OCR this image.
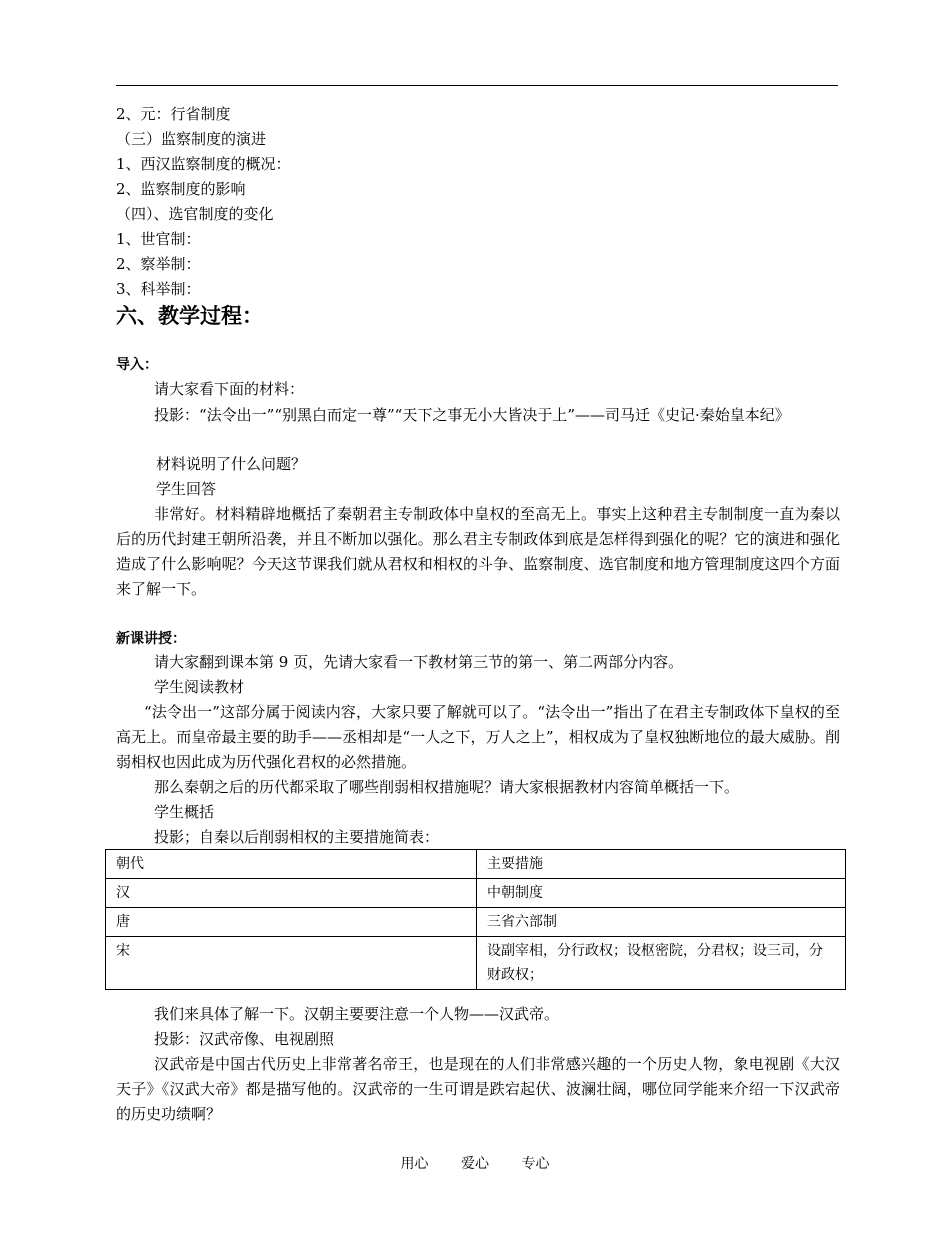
2、元：行省制度
（三）监察制度的演进
1、西汉监察制度的概况：
2、监察制度的影响
（四）、选官制度的变化
1、世官制：
2、察举制：
3、科举制：
六、教学过程：
导入：
请大家看下面的材料：
投影：“法令出一”“别黑白而定一尊”“天下之事无小大皆决于上”——司马迁《史记·秦始皇本纪》
材料说明了什么问题？
学生回答
非常好。材料精辟地概括了秦朝君主专制政体中皇权的至高无上。事实上这种君主专制制度一直为秦以后的历代封建王朝所沿袭，并且不断加以强化。那么君主专制政体到底是怎样得到强化的呢？它的演进和强化造成了什么影响呢？今天这节课我们就从君权和相权的斗争、监察制度、选官制度和地方管理制度这四个方面来了解一下。
新课讲授：
请大家翻到课本第 9 页，先请大家看一下教材第三节的第一、第二两部分内容。
学生阅读教材
“法令出一”这部分属于阅读内容，大家只要了解就可以了。“法令出一”指出了在君主专制政体下皇权的至高无上。而皇帝最主要的助手——丞相却是“一人之下，万人之上”，相权成为了皇权独断地位的最大威胁。削弱相权也因此成为历代强化君权的必然措施。
那么秦朝之后的历代都采取了哪些削弱相权措施呢？请大家根据教材内容简单概括一下。
学生概括
投影；自秦以后削弱相权的主要措施简表：
朝代	主要措施
汉	中朝制度
唐	三省六部制
宋	设副宰相，分行政权；设枢密院，分君权；设三司，分财政权；
我们来具体了解一下。汉朝主要要注意一个人物——汉武帝。
投影：汉武帝像、电视剧照
汉武帝是中国古代历史上非常著名帝王，也是现在的人们非常感兴趣的一个历史人物，象电视剧《大汉天子》《汉武大帝》都是描写他的。汉武帝的一生可谓是跌宕起伏、波澜壮阔，哪位同学能来介绍一下汉武帝的历史功绩啊？
用心 爱心 专心
